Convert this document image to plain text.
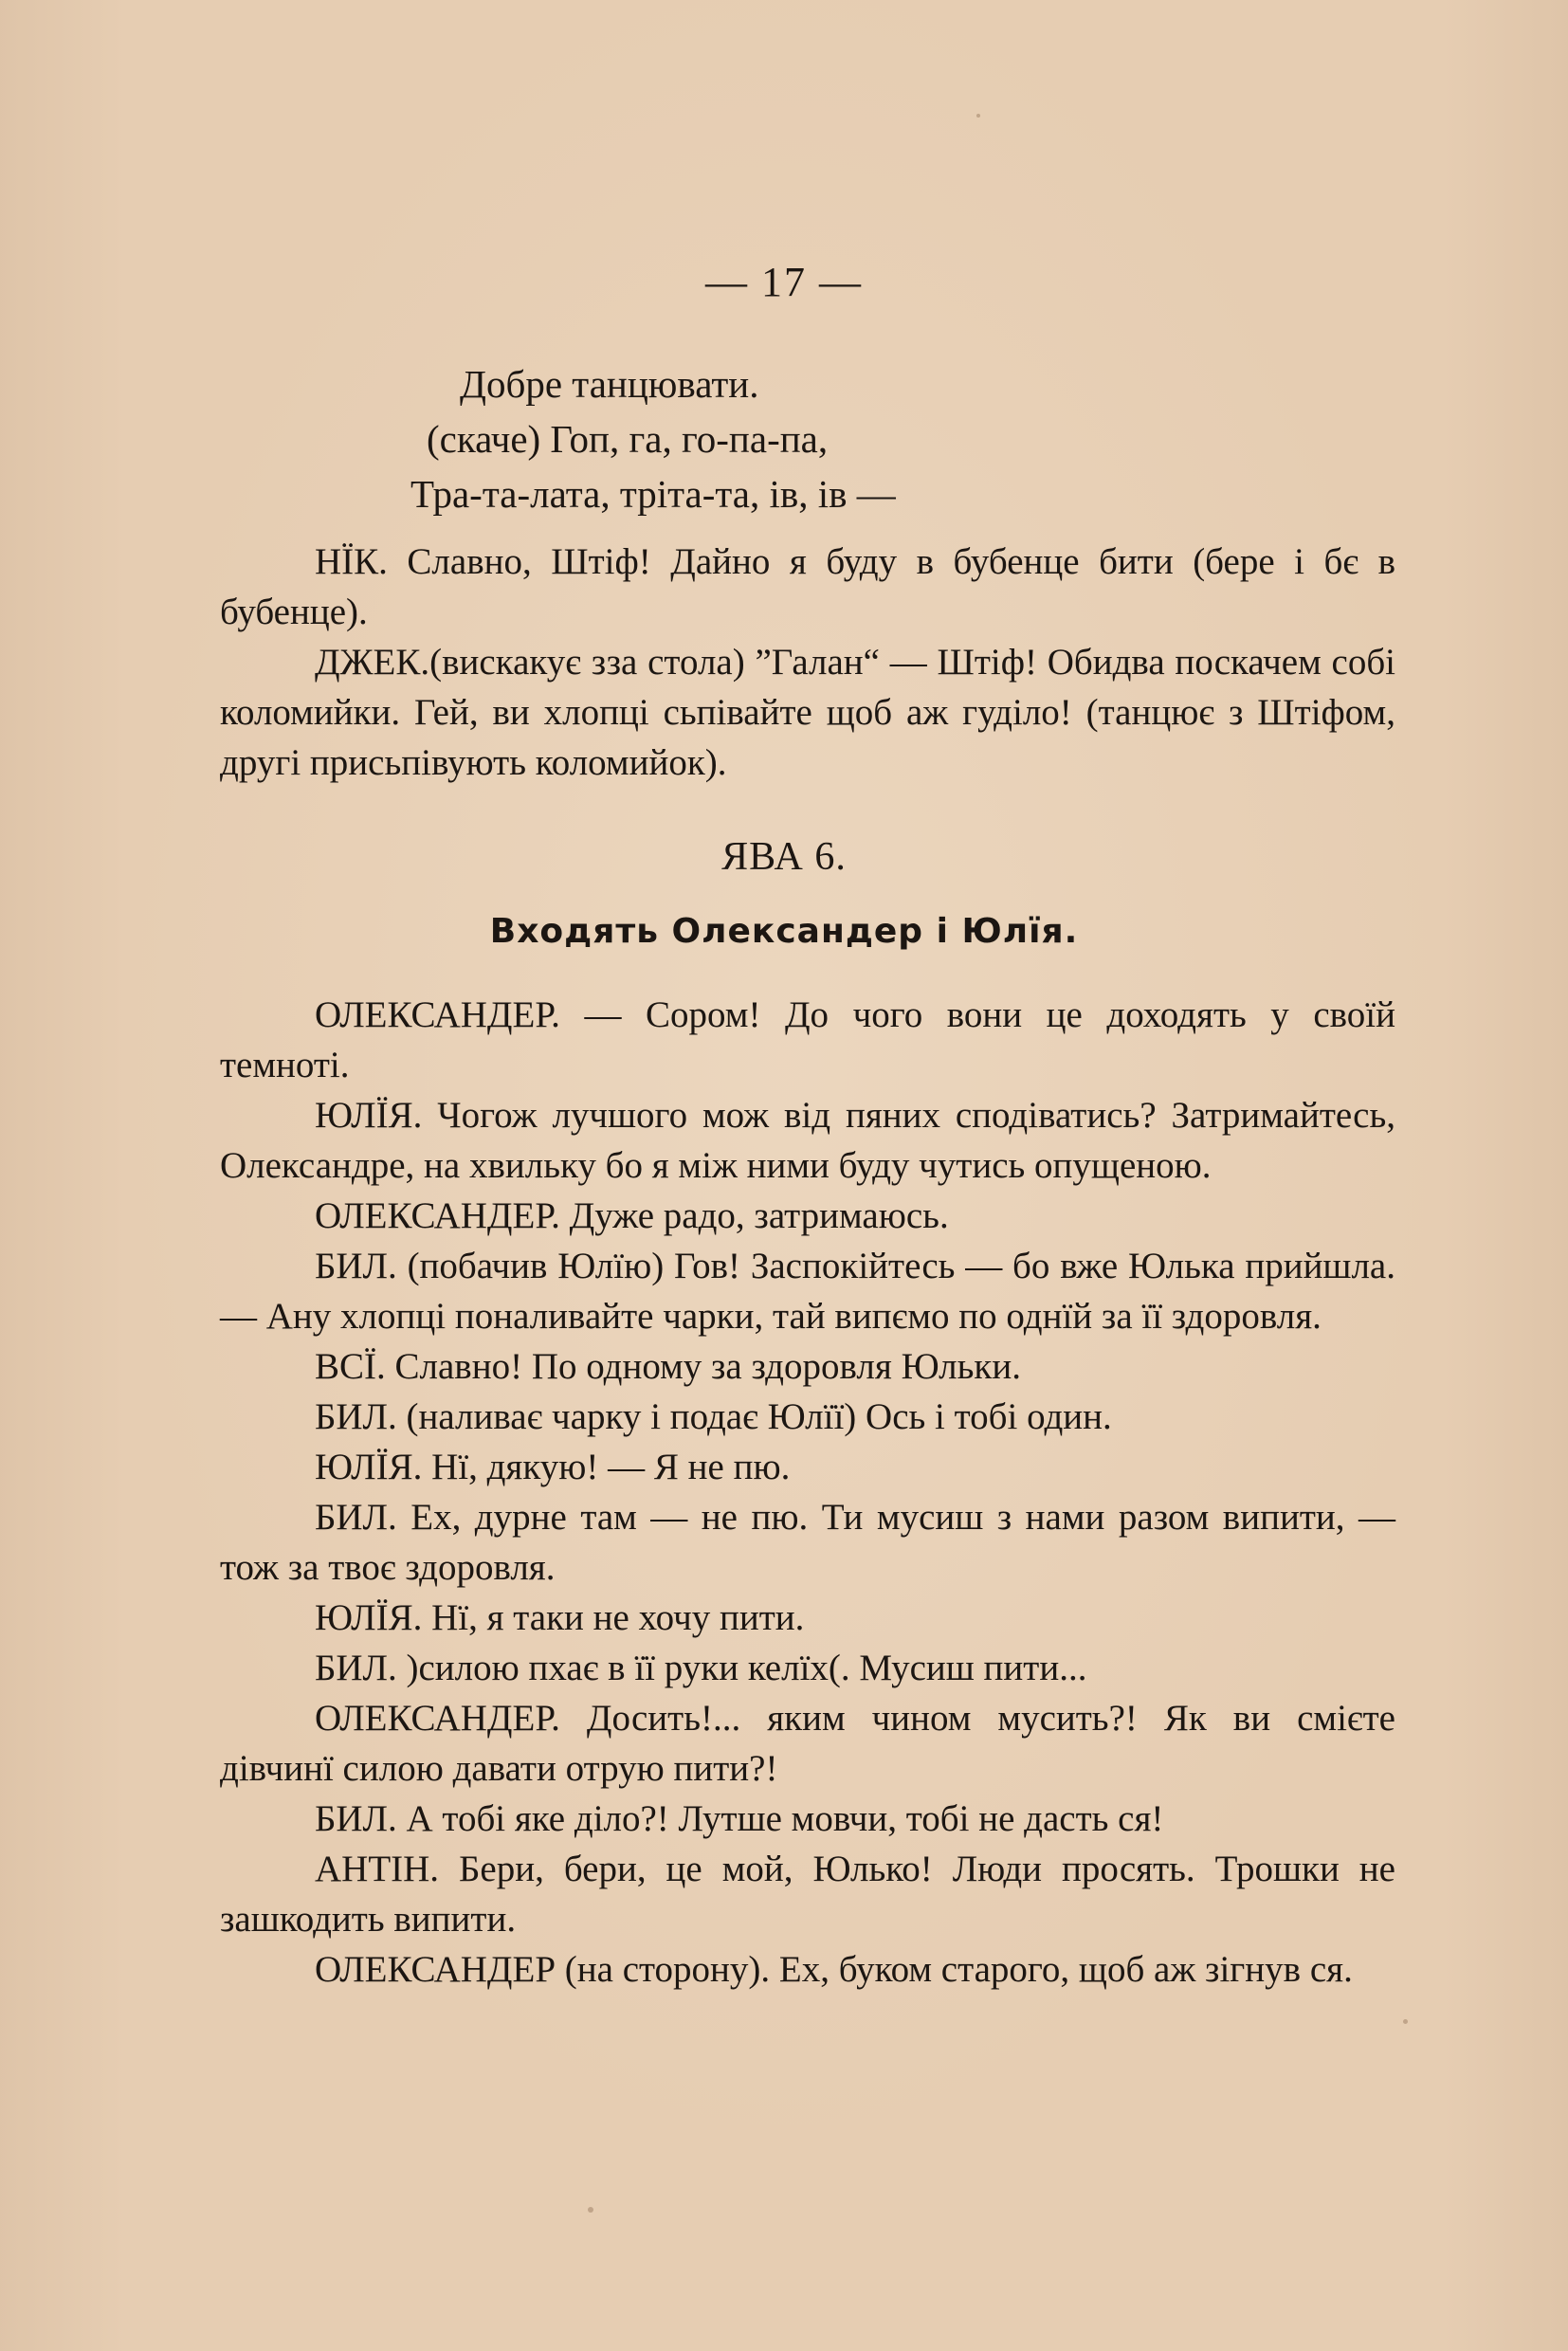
— 17 —
Добре танцювати.
(скаче) Гоп, га, го-па-па,
Тра-та-лата, тріта-та, ів, ів —

НЇК. Славно, Штіф! Дайно я буду в бубенце бити (бере і бє в бубенце).

ДЖЕК.(вискакує зза стола) ”Галан“ — Штіф! Обидва поскачем собі коломийки. Гей, ви хлопці сьпівайте щоб аж гуділо! (танцює з Штіфом, другі присьпівують коломийок).

ЯВА 6.
Входять Олександер і Юлїя.

ОЛЕКСАНДЕР. — Сором! До чого вони це доходять у своїй темноті.

ЮЛЇЯ. Чогож лучшого мож від пяних сподіватись? Затримайтесь, Олександре, на хвильку бо я між ними буду чутись опущеною.

ОЛЕКСАНДЕР. Дуже радо, затримаюсь.

БИЛ. (побачив Юлїю) Гов! Заспокійтесь — бо вже Юлька прийшла. — Ану хлопці поналивайте чарки, тай випємо по однїй за її здоровля.

ВСЇ. Славно! По одному за здоровля Юльки.

БИЛ. (наливає чарку і подає Юлїї) Ось і тобі один.

ЮЛЇЯ. Нї, дякую! — Я не пю.

БИЛ. Ех, дурне там — не пю. Ти мусиш з нами разом випити, — тож за твоє здоровля.

ЮЛЇЯ. Нї, я таки не хочу пити.

БИЛ. )силою пхає в її руки келїх(. Мусиш пити...

ОЛЕКСАНДЕР. Досить!... яким чином мусить?! Як ви смієте дівчинї силою давати отрую пити?!

БИЛ. А тобі яке діло?! Лутше мовчи, тобі не дасть ся!

АНТІН. Бери, бери, це мой, Юлько! Люди просять. Трошки не зашкодить випити.

ОЛЕКСАНДЕР (на сторону). Ех, буком старого, щоб аж зігнув ся.
